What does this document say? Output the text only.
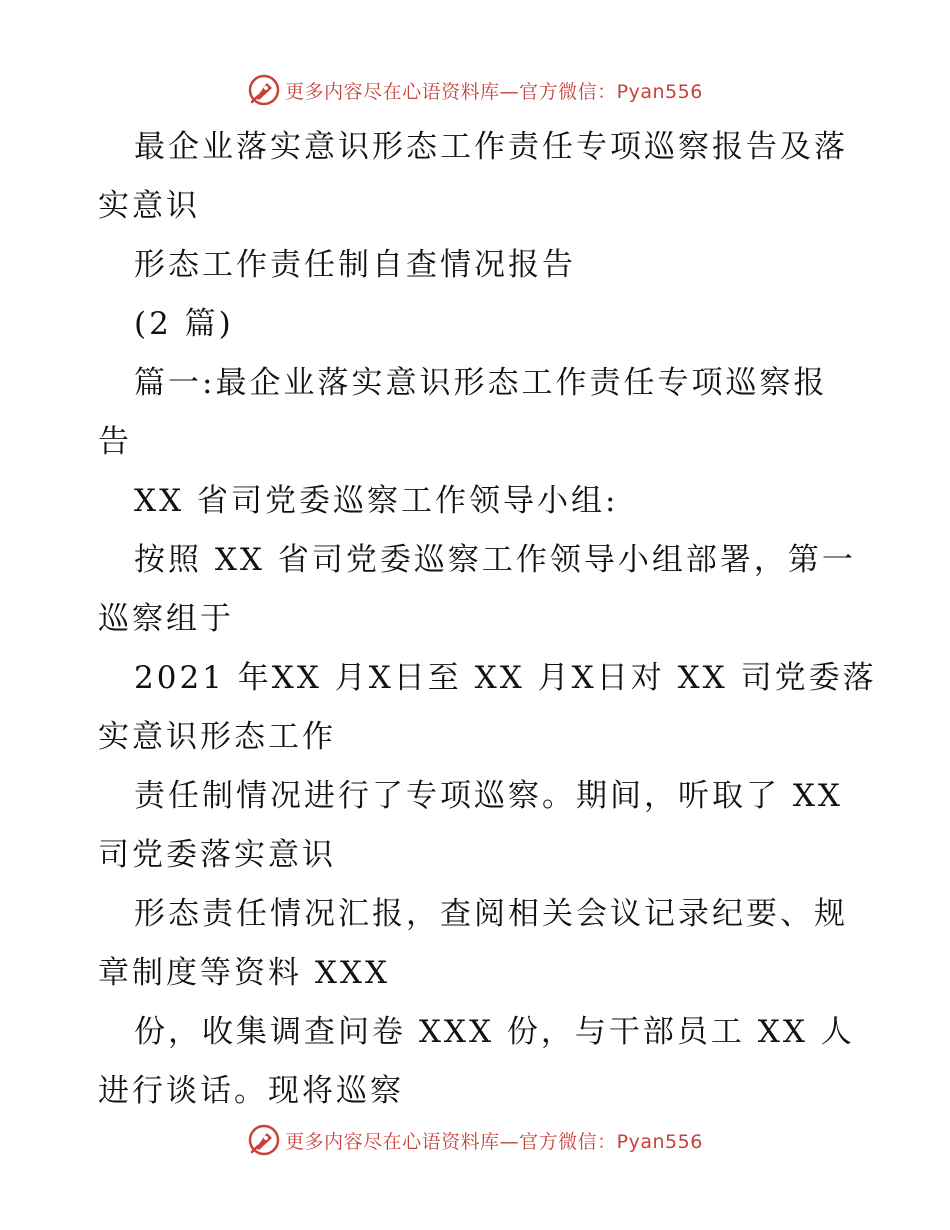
更多内容尽在心语资料库—官方微信：Pyan556
最企业落实意识形态工作责任专项巡察报告及落
实意识
形态工作责任制自查情况报告
(2 篇)
篇一:最企业落实意识形态工作责任专项巡察报
告
XX 省司党委巡察工作领导小组:
按照 XX 省司党委巡察工作领导小组部署，第一
巡察组于
2021 年XX 月X日至 XX 月X日对 XX 司党委落
实意识形态工作
责任制情况进行了专项巡察。期间，听取了 XX
司党委落实意识
形态责任情况汇报，查阅相关会议记录纪要、规
章制度等资料 XXX
份，收集调查问卷 XXX 份，与干部员工 XX 人
进行谈话。现将巡察
更多内容尽在心语资料库—官方微信：Pyan556
